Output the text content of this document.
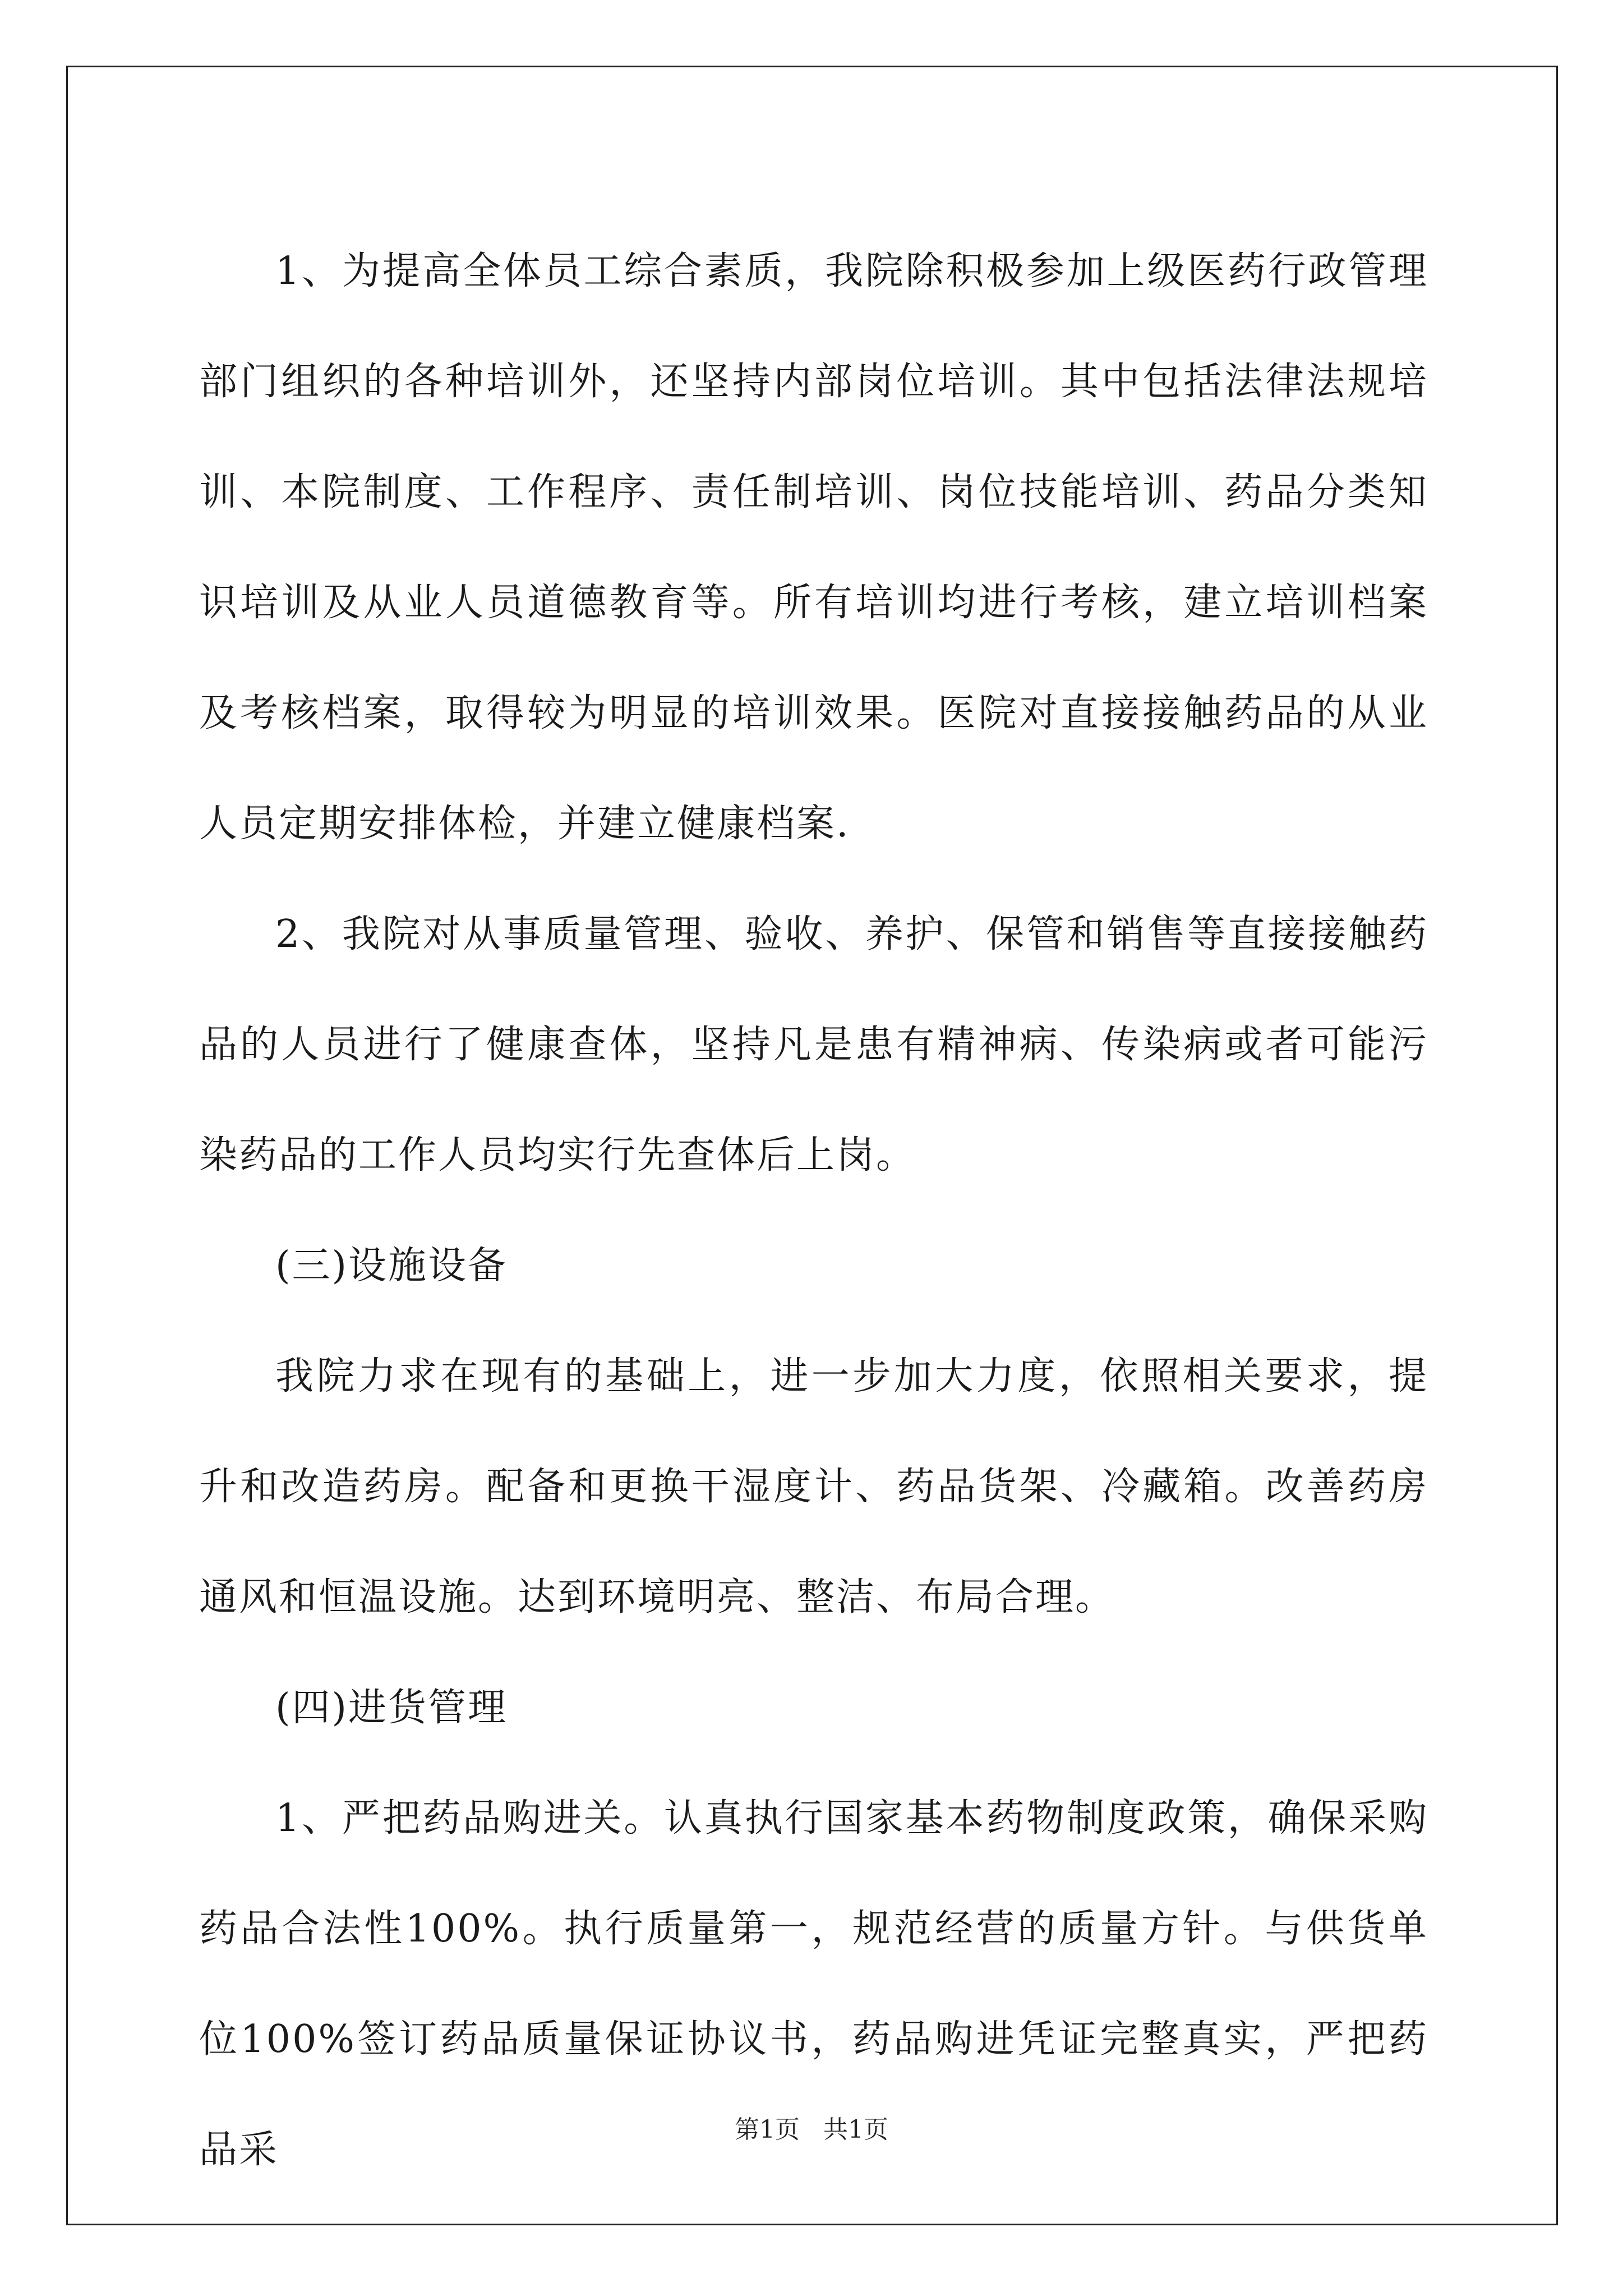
1、为提高全体员工综合素质，我院除积极参加上级医药行政管理部门组织的各种培训外，还坚持内部岗位培训。其中包括法律法规培训、本院制度、工作程序、责任制培训、岗位技能培训、药品分类知识培训及从业人员道德教育等。所有培训均进行考核，建立培训档案及考核档案，取得较为明显的培训效果。医院对直接接触药品的从业人员定期安排体检，并建立健康档案.

2、我院对从事质量管理、验收、养护、保管和销售等直接接触药品的人员进行了健康查体，坚持凡是患有精神病、传染病或者可能污染药品的工作人员均实行先查体后上岗。

(三)设施设备

我院力求在现有的基础上，进一步加大力度，依照相关要求，提升和改造药房。配备和更换干湿度计、药品货架、冷藏箱。改善药房通风和恒温设施。达到环境明亮、整洁、布局合理。

(四)进货管理

1、严把药品购进关。认真执行国家基本药物制度政策，确保采购药品合法性100%。执行质量第一，规范经营的质量方针。与供货单位100%签订药品质量保证协议书，药品购进凭证完整真实，严把药品采	第1页   共1页
